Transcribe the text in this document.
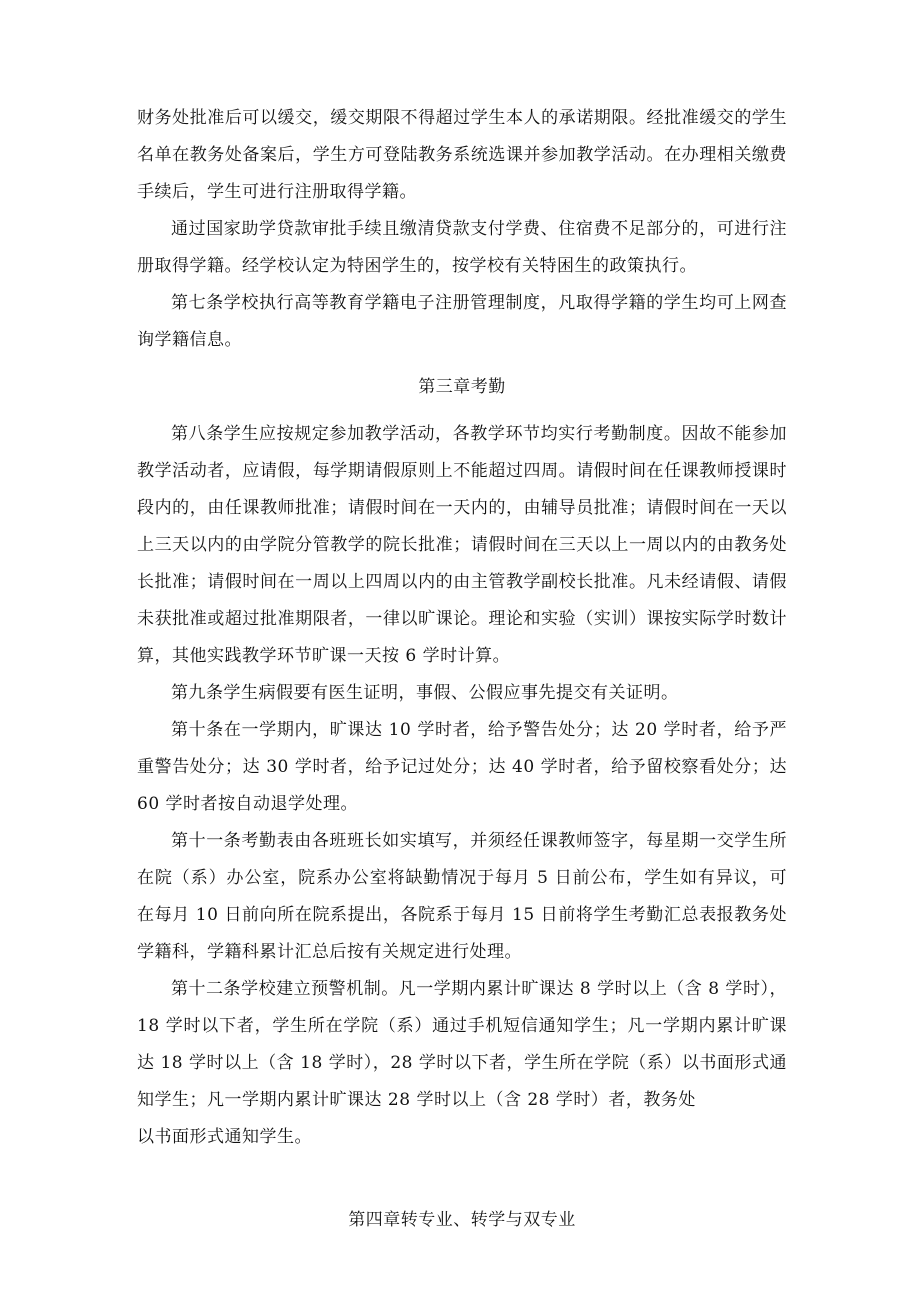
财务处批准后可以缓交，缓交期限不得超过学生本人的承诺期限。经批准缓交的学生名单在教务处备案后，学生方可登陆教务系统选课并参加教学活动。在办理相关缴费手续后，学生可进行注册取得学籍。

通过国家助学贷款审批手续且缴清贷款支付学费、住宿费不足部分的，可进行注册取得学籍。经学校认定为特困学生的，按学校有关特困生的政策执行。

第七条学校执行高等教育学籍电子注册管理制度，凡取得学籍的学生均可上网查询学籍信息。

第三章考勤

第八条学生应按规定参加教学活动，各教学环节均实行考勤制度。因故不能参加教学活动者，应请假，每学期请假原则上不能超过四周。请假时间在任课教师授课时段内的，由任课教师批准；请假时间在一天内的，由辅导员批准；请假时间在一天以上三天以内的由学院分管教学的院长批准；请假时间在三天以上一周以内的由教务处长批准；请假时间在一周以上四周以内的由主管教学副校长批准。凡未经请假、请假未获批准或超过批准期限者，一律以旷课论。理论和实验（实训）课按实际学时数计算，其他实践教学环节旷课一天按 6 学时计算。

第九条学生病假要有医生证明，事假、公假应事先提交有关证明。

第十条在一学期内，旷课达 10 学时者，给予警告处分；达 20 学时者，给予严重警告处分；达 30 学时者，给予记过处分；达 40 学时者，给予留校察看处分；达 60 学时者按自动退学处理。

第十一条考勤表由各班班长如实填写，并须经任课教师签字，每星期一交学生所在院（系）办公室，院系办公室将缺勤情况于每月 5 日前公布，学生如有异议，可在每月 10 日前向所在院系提出，各院系于每月 15 日前将学生考勤汇总表报教务处学籍科，学籍科累计汇总后按有关规定进行处理。

第十二条学校建立预警机制。凡一学期内累计旷课达 8 学时以上（含 8 学时），18 学时以下者，学生所在学院（系）通过手机短信通知学生；凡一学期内累计旷课达 18 学时以上（含 18 学时），28 学时以下者，学生所在学院（系）以书面形式通知学生；凡一学期内累计旷课达 28 学时以上（含 28 学时）者，教务处

以书面形式通知学生。

第四章转专业、转学与双专业
